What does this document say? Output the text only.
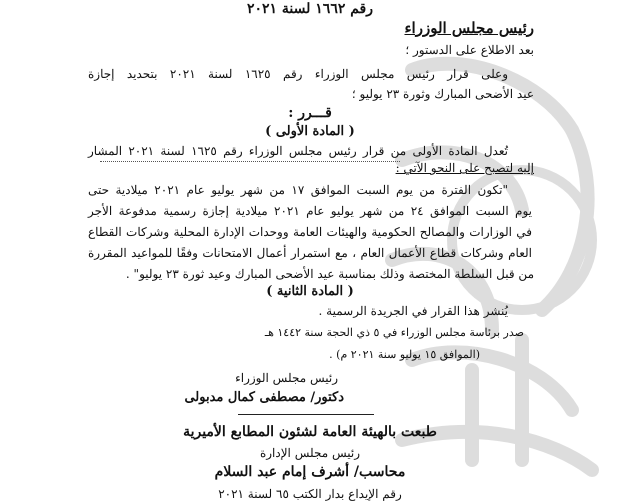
رقم ١٦٦٢ لسنة ٢٠٢١
رئيس مجلس الوزراء
بعد الاطلاع على الدستور ؛
وعلى قرار رئيس مجلس الوزراء رقم ١٦٢٥ لسنة ٢٠٢١ بتحديد إجازة
عيد الأضحى المبارك وثورة ٢٣ يوليو ؛
قـــرر :
( المادة الأولى )
تُعدل المادة الأولى من قرار رئيس مجلس الوزراء رقم ١٦٢٥ لسنة ٢٠٢١ المشار
إليه لتصبح على النحو الآتي :
"تكون الفترة من يوم السبت الموافق ١٧ من شهر يوليو عام ٢٠٢١ ميلادية حتى
يوم السبت الموافق ٢٤ من شهر يوليو عام ٢٠٢١ ميلادية إجازة رسمية مدفوعة الأجر
في الوزارات والمصالح الحكومية والهيئات العامة ووحدات الإدارة المحلية وشركات القطاع
العام وشركات قطاع الأعمال العام ، مع استمرار أعمال الامتحانات وفقًا للمواعيد المقررة
من قبل السلطة المختصة وذلك بمناسبة عيد الأضحى المبارك وعيد ثورة ٢٣ يوليو" .
( المادة الثانية )
يُنشر هذا القرار في الجريدة الرسمية .
صدر برئاسة مجلس الوزراء في ٥ ذي الحجة سنة ١٤٤٢ هـ
(الموافق ١٥ يوليو سنة ٢٠٢١ م) .
رئيس مجلس الوزراء
دكتور/ مصطفى كمال مدبولى
طبعت بالهيئة العامة لشئون المطابع الأميرية
رئيس مجلس الإدارة
محاسب/ أشرف إمام عبد السلام
رقم الإيداع بدار الكتب ٦٥ لسنة ٢٠٢١
